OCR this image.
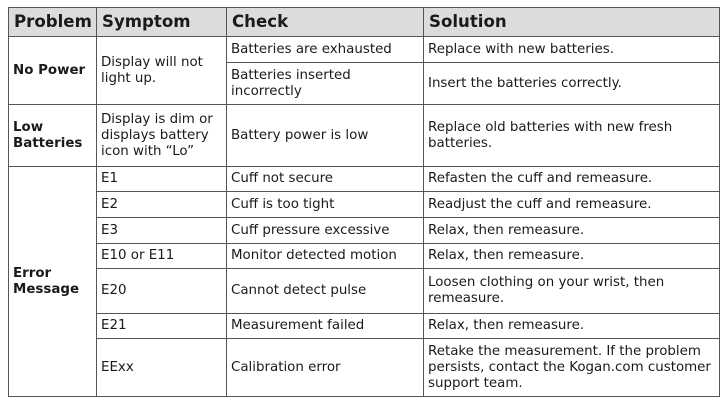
Problem	Symptom	Check	Solution
No Power	Display will not light up.	Batteries are exhausted	Replace with new batteries.
		Batteries inserted incorrectly	Insert the batteries correctly.
Low Batteries	Display is dim or displays battery icon with “Lo”	Battery power is low	Replace old batteries with new fresh batteries.
Error Message	E1	Cuff not secure	Refasten the cuff and remeasure.
	E2	Cuff is too tight	Readjust the cuff and remeasure.
	E3	Cuff pressure excessive	Relax, then remeasure.
	E10 or E11	Monitor detected motion	Relax, then remeasure.
	E20	Cannot detect pulse	Loosen clothing on your wrist, then remeasure.
	E21	Measurement failed	Relax, then remeasure.
	EExx	Calibration error	Retake the measurement. If the problem persists, contact the Kogan.com customer support team.
